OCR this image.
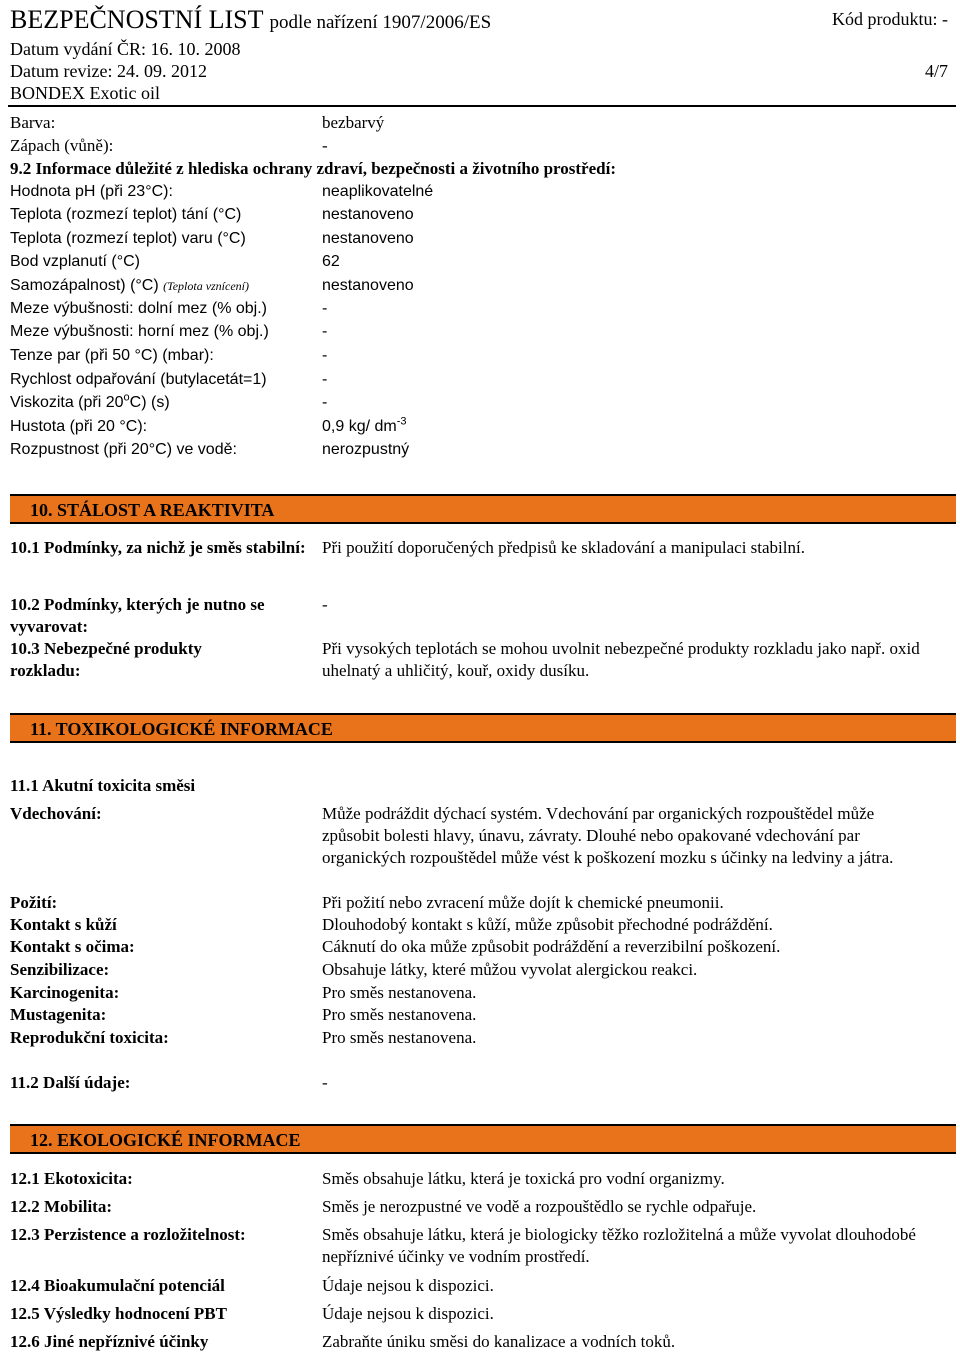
BEZPEČNOSTNÍ LIST podle nařízení 1907/2006/ES	Kód produktu: -
Datum vydání ČR: 16. 10. 2008
Datum revize: 24. 09. 2012	4/7
BONDEX Exotic oil
Barva:	bezbarvý
Zápach (vůně):	-
9.2 Informace důležité z hlediska ochrany zdraví, bezpečnosti a životního prostředí:
Hodnota pH (při 23°C):	neaplikovatelné
Teplota (rozmezí teplot) tání (°C)	nestanoveno
Teplota (rozmezí teplot) varu (°C)	nestanoveno
Bod vzplanutí (°C)	62
Samozápalnost) (°C) (Teplota vznícení)	nestanoveno
Meze výbušnosti: dolní mez (% obj.)	-
Meze výbušnosti: horní mez (% obj.)	-
Tenze par (při 50 °C) (mbar):	-
Rychlost odpařování (butylacetát=1)	-
Viskozita (při 20$^o$C) (s)	-
Hustota (při 20 °C):	0,9 kg/ $dm^{-3}$
Rozpustnost (při 20°C) ve vodě:	nerozpustný
10. STÁLOST A REAKTIVITA
10.1 Podmínky, za nichž je směs stabilní: Při použití doporučených předpisů ke skladování a manipulaci stabilní.
10.2 Podmínky, kterých je nutno se vyvarovat:
-
10.3 Nebezpečné produkty rozkladu:
Při vysokých teplotách se mohou uvolnit nebezpečné produkty rozkladu jako např. oxid uhelnatý a uhličitý, kouř, oxidy dusíku.
11. TOXIKOLOGICKÉ INFORMACE
11.1 Akutní toxicita směsi
Vdechování:	Může podráždit dýchací systém. Vdechování par organických rozpouštědel může způsobit bolesti hlavy, únavu, závraty. Dlouhé nebo opakované vdechování par organických rozpouštědel může vést k poškození mozku s účinky na ledviny a játra.
Požití:	Při požití nebo zvracení může dojít k chemické pneumonii.
Kontakt s kůží	Dlouhodobý kontakt s kůží, může způsobit přechodné podráždění.
Kontakt s očima:	Cáknutí do oka může způsobit podráždění a reverzibilní poškození.
Senzibilizace:	Obsahuje látky, které můžou vyvolat alergickou reakci.
Karcinogenita:	Pro směs nestanovena.
Mustagenita:	Pro směs nestanovena.
Reprodukční toxicita:	Pro směs nestanovena.
11.2 Další údaje:	-
12. EKOLOGICKÉ INFORMACE
12.1 Ekotoxicita:	Směs obsahuje látku, která je toxická pro vodní organizmy.
12.2 Mobilita:	Směs je nerozpustné ve vodě a rozpouštědlo se rychle odpařuje.
12.3 Perzistence a rozložitelnost:	Směs obsahuje látku, která je biologicky těžko rozložitelná a může vyvolat dlouhodobé nepříznivé účinky ve vodním prostředí.
12.4 Bioakumulační potenciál	Údaje nejsou k dispozici.
12.5 Výsledky hodnocení PBT	Údaje nejsou k dispozici.
12.6 Jiné nepříznivé účinky	Zabraňte úniku směsi do kanalizace a vodních toků.
